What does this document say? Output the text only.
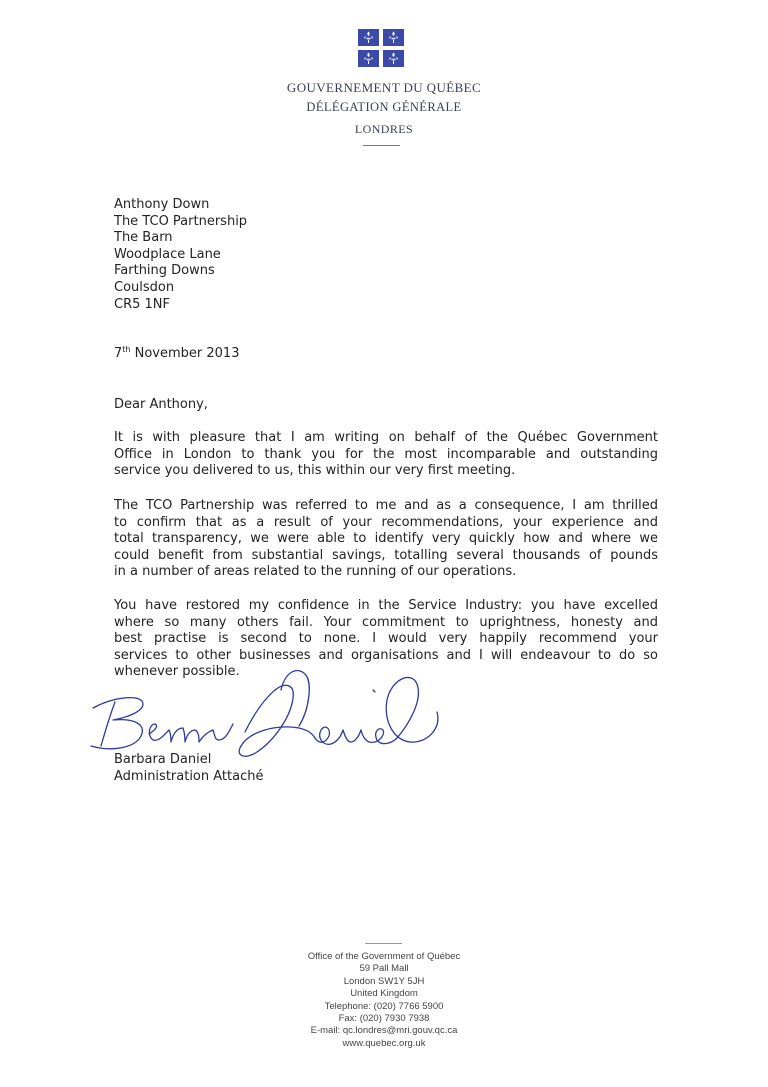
GOUVERNEMENT DU QUÉBEC
DÉLÉGATION GÉNÉRALE
LONDRES
Anthony Down
The TCO Partnership
The Barn
Woodplace Lane
Farthing Downs
Coulsdon
CR5 1NF
7th November 2013
Dear Anthony,
It is with pleasure that I am writing on behalf of the Québec Government
Office in London to thank you for the most incomparable and outstanding
service you delivered to us, this within our very first meeting.
The TCO Partnership was referred to me and as a consequence, I am thrilled
to confirm that as a result of your recommendations, your experience and
total transparency, we were able to identify very quickly how and where we
could benefit from substantial savings, totalling several thousands of pounds
in a number of areas related to the running of our operations.
You have restored my confidence in the Service Industry: you have excelled
where so many others fail. Your commitment to uprightness, honesty and
best practise is second to none. I would very happily recommend your
services to other businesses and organisations and I will endeavour to do so
whenever possible.
Barbara Daniel
Administration Attaché
Office of the Government of Québec
59 Pall Mall
London SW1Y 5JH
United Kingdom
Telephone: (020) 7766 5900
Fax: (020) 7930 7938
E-mail: qc.londres@mri.gouv.qc.ca
www.quebec.org.uk
